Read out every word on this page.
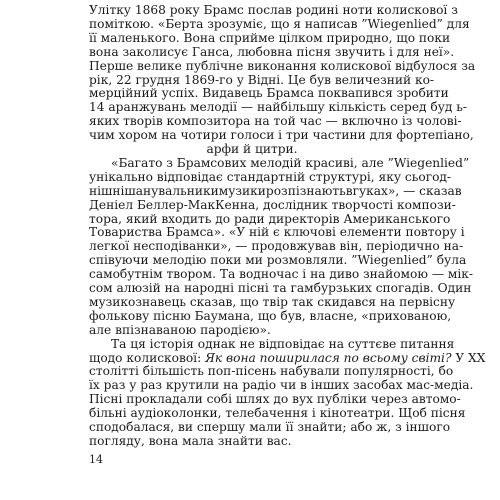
Улітку 1868 року Брамс послав родині ноти колискової з
поміткою. «Берта зрозуміє, що я написав ”Wiegenlied” для
її маленького. Вона сприйме цілком природно, що поки
вона заколисує Ганса, любовна пісня звучить і для неї».
Перше велике публічне виконання колискової відбулося за
рік, 22 грудня 1869-го у Відні. Це був величезний ко-
мерційний успіх. Видавець Брамса поквапився зробити
14 аранжувань мелодії — найбільшу кількість серед буд ь-
яких творів композитора на той час — включно із чолові-
чим хором на чотири голоси і три частини для фортепіано,
арфи й цитри.
«Багато з Брамсових мелодій красиві, але ”Wiegenlied”
унікально відповідає стандартній структурі, яку сьогод-
нішнішанувальникимузикирозпізнаютьвгуках», — сказав
Деніел Беллер-МакКенна, дослідник творчості компози-
тора, який входить до ради директорів Американського
Товариства Брамса». «У ній є ключові елементи повтору і
легкої несподіванки», — продовжував він, періодично на-
співуючи мелодію поки ми розмовляли. ”Wiegenlied” була
самобутнім твором. Та водночас і на диво знайомою — мік-
сом алюзій на народні пісні та гамбурзьких спогадів. Один
музикознавець сказав, що твір так скидався на первісну
фолькову пісню Баумана, що був, власне, «прихованою,
але впізнаваною пародією».
Та ця історія однак не відповідає на суттєве питання
щодо колискової: Як вона поширилася по всьому світі? У ХХ
столітті більшість поп-пісень набували популярності, бо
їх раз у раз крутили на радіо чи в інших засобах мас-медіа.
Пісні прокладали собі шлях до вух публіки через автомо-
більні аудіоколонки, телебачення і кінотеатри. Щоб пісня
сподобалася, ви спершу мали її знайти; або ж, з іншого
погляду, вона мала знайти вас.
14
